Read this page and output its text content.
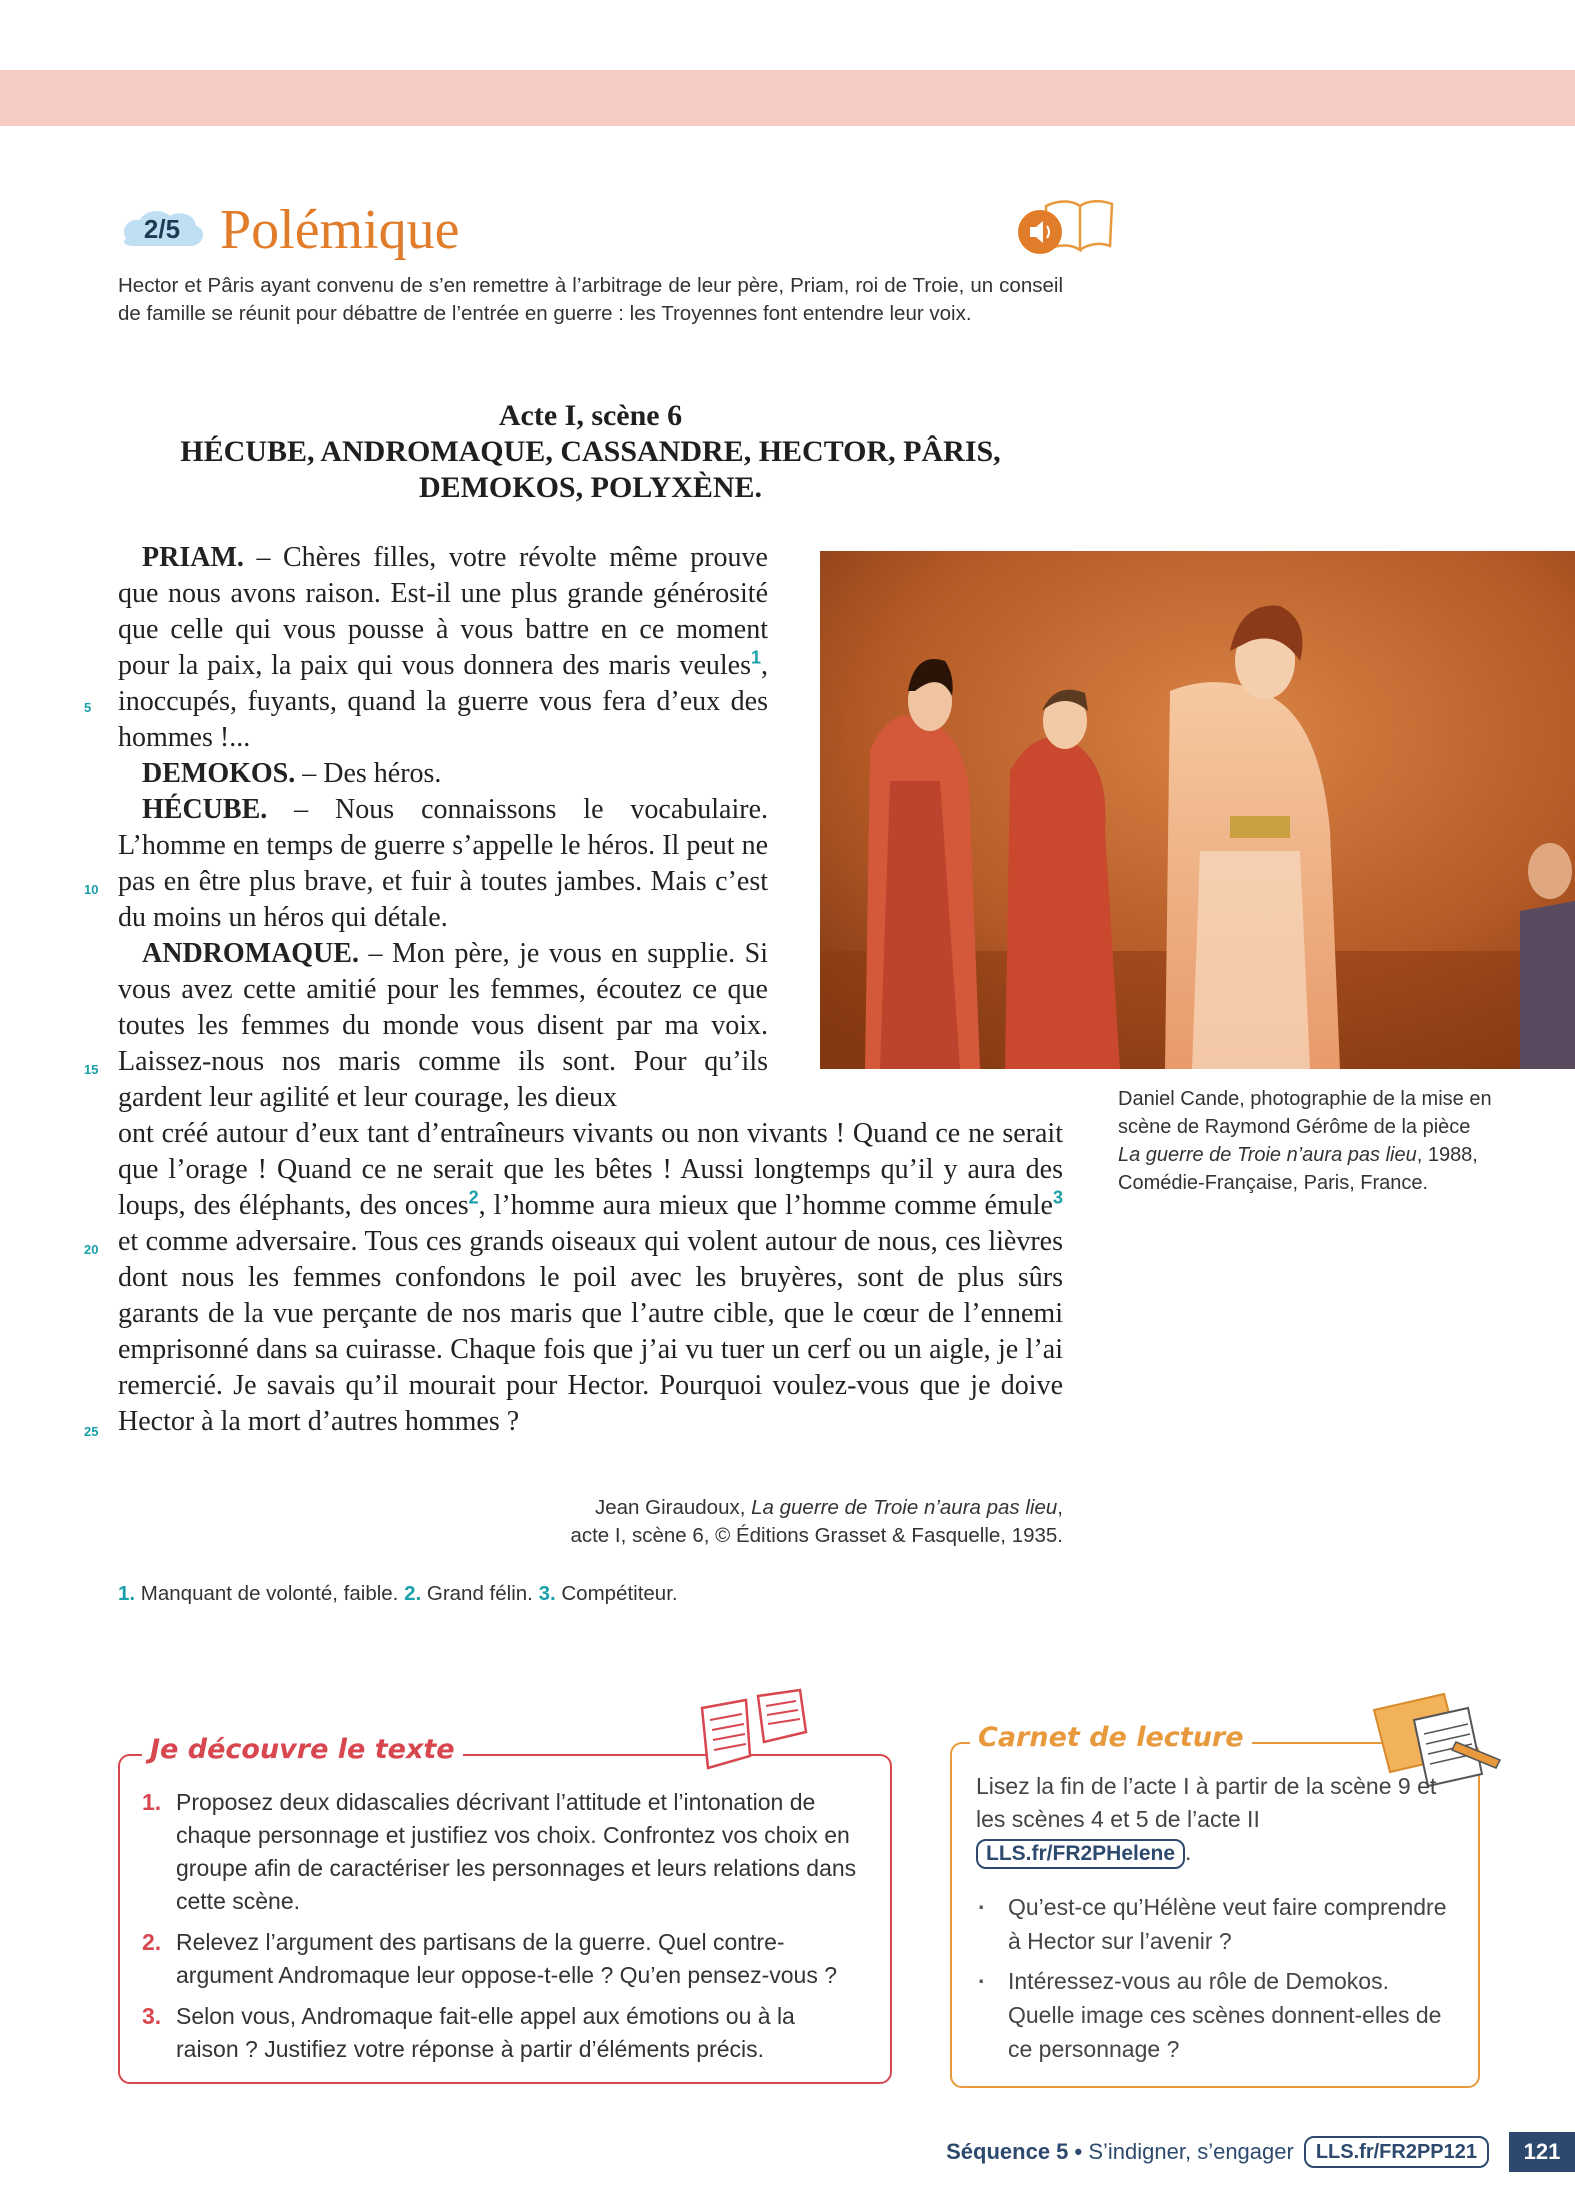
2/5 Polémique

Hector et Pâris ayant convenu de s’en remettre à l’arbitrage de leur père, Priam, roi de Troie, un conseil de famille se réunit pour débattre de l’entrée en guerre : les Troyennes font entendre leur voix.

Acte I, scène 6
HÉCUBE, ANDROMAQUE, CASSANDRE, HECTOR, PÂRIS,
DEMOKOS, POLYXÈNE.

PRIAM. – Chères filles, votre révolte même prouve que nous avons raison. Est-il une plus grande générosité que celle qui vous pousse à vous battre en ce moment pour la paix, la paix qui vous donnera des maris veules$^1$, inoccupés, fuyants, quand la guerre vous fera d’eux des hommes !...

DEMOKOS. – Des héros.

HÉCUBE. – Nous connaissons le vocabulaire. L’homme en temps de guerre s’appelle le héros. Il peut ne pas en être plus brave, et fuir à toutes jambes. Mais c’est du moins un héros qui détale.

ANDROMAQUE. – Mon père, je vous en supplie. Si vous avez cette amitié pour les femmes, écoutez ce que toutes les femmes du monde vous disent par ma voix. Laissez-nous nos maris comme ils sont. Pour qu’ils gardent leur agilité et leur courage, les dieux

ont créé autour d’eux tant d’entraîneurs vivants ou non vivants ! Quand ce ne serait que l’orage ! Quand ce ne serait que les bêtes ! Aussi longtemps qu’il y aura des loups, des éléphants, des onces$^2$, l’homme aura mieux que l’homme comme émule$^3$ et comme adversaire. Tous ces grands oiseaux qui volent autour de nous, ces lièvres dont nous les femmes confondons le poil avec les bruyères, sont de plus sûrs garants de la vue perçante de nos maris que l’autre cible, que le cœur de l’ennemi emprisonné dans sa cuirasse. Chaque fois que j’ai vu tuer un cerf ou un aigle, je l’ai remercié. Je savais qu’il mourait pour Hector. Pourquoi voulez-vous que je doive Hector à la mort d’autres hommes ?

5
10
15
20
25

Daniel Cande, photographie de la mise en scène de Raymond Gérôme de la pièce La guerre de Troie n’aura pas lieu, 1988, Comédie-Française, Paris, France.

Jean Giraudoux, La guerre de Troie n’aura pas lieu,
acte I, scène 6, © Éditions Grasset & Fasquelle, 1935.
1. Manquant de volonté, faible. 2. Grand félin. 3. Compétiteur.
Je découvre le texte
1. Proposez deux didascalies décrivant l’attitude et l’intonation de chaque personnage et justifiez vos choix. Confrontez vos choix en groupe afin de caractériser les personnages et leurs relations dans cette scène.
2. Relevez l’argument des partisans de la guerre. Quel contre-argument Andromaque leur oppose-t-elle ? Qu’en pensez-vous ?
3. Selon vous, Andromaque fait-elle appel aux émotions ou à la raison ? Justifiez votre réponse à partir d’éléments précis.
Carnet de lecture
Lisez la fin de l’acte I à partir de la scène 9 et les scènes 4 et 5 de l’acte II LLS.fr/FR2PHelene .
· Qu’est-ce qu’Hélène veut faire comprendre à Hector sur l’avenir ?
· Intéressez-vous au rôle de Demokos. Quelle image ces scènes donnent-elles de ce personnage ?
Séquence 5 • S’indigner, s’engager	LLS.fr/FR2PP121	121
